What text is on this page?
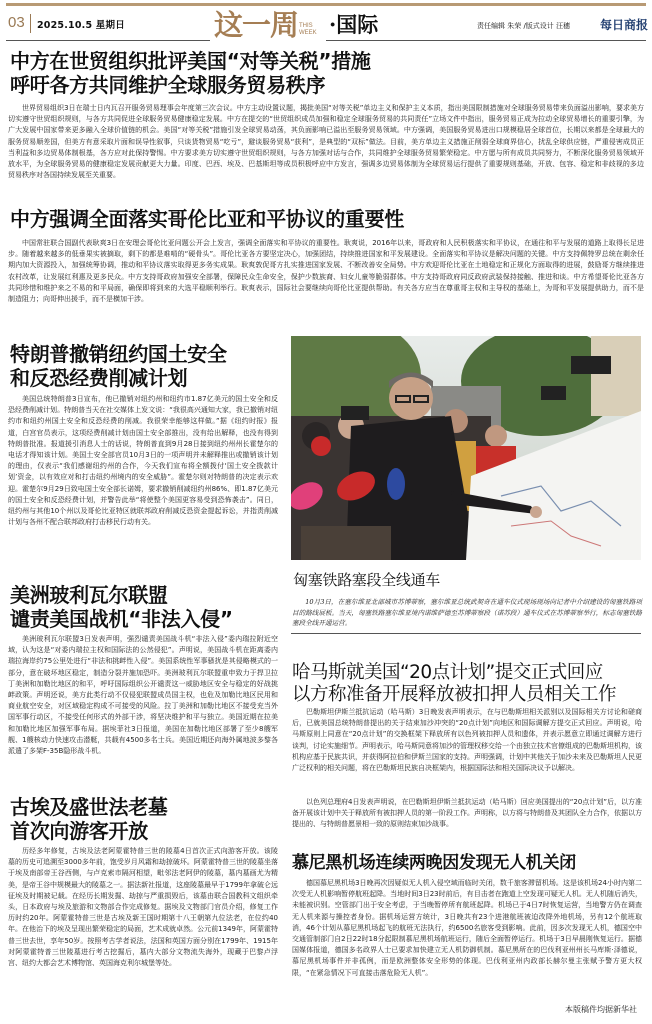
03 2025.10.5 星期日	这一周 THIS
WEEK ·国际	责任编辑 朱荣 /版式设计 汪穗 每日商报
中方在世贸组织批评美国“对等关税”措施
呼吁各方共同维护全球服务贸易秩序
世界贸易组织3日在瑞士日内瓦召开服务贸易理事会年度第三次会议。中方主动设置议题，揭批美国“对等关税”单边主义和保护主义本质，指出美国限制措施对全球服务贸易带来负面溢出影响，要求美方切实遵守世贸组织规则，与各方共同促进全球服务贸易健康稳定发展。中方在提交的“世贸组织成员加强和稳定全球服务贸易的共同责任”立场文件中指出，服务贸易正成为拉动全球贸易增长的重要引擎，为广大发展中国家带来更多融入全球价值链的机会。美国“对等关税”措施引发全球贸易动荡，其负面影响已溢出至服务贸易领域。中方强调，美国服务贸易进出口规模稳居全球首位，长期以来都是全球最大的服务贸易顺差国，但美方有意采取片面和误导性叙事，只谈货物贸易“吃亏”，避谈服务贸易“获利”，是典型的“双标”做法。目前，美方单边主义措施正削弱全球商界信心，扰乱全球供应链，严重侵害成员正当利益和多边贸易体制根基，各方应对此保持警惕。中方要求美方切实遵守世贸组织规则，与各方加强对话与合作，共同维护全球服务贸易繁荣稳定。中方愿与所有成员共同努力，不断深化服务贸易领域开放水平，为全球服务贸易的健康稳定发展贡献更大力量。印度、巴西、埃及、巴基斯坦等成员积极呼应中方发言，强调多边贸易体制为全球贸易运行提供了重要规则基础，开放、包容、稳定和非歧视的多边贸易秩序对各国持续发展至关重要。
中方强调全面落实哥伦比亚和平协议的重要性
中国常驻联合国副代表耿爽3日在安理会哥伦比亚问题公开会上发言，强调全面落实和平协议的重要性。耿爽说，2016年以来，哥政府和人民积极落实和平协议，在通往和平与发展的道路上取得长足进步。随着越来越多的低垂果实被摘取，剩下的都是难啃的“硬骨头”。哥伦比亚各方要坚定决心，加强团结，持续推进国家和平发展建设。全面落实和平协议是解决问题的关键。中方支持佩特罗总统在剩余任期内加大资源投入，加强统筹协调，推动和平协议落实取得更多务实成果。耿爽敦促哥方扎实推进国家发展、不断改善安全局势。中方欢迎哥伦比亚在土地稳定和正规化方面取得的进展，鼓励哥方继续推进农村改革，让发展红利惠及更多民众。中方支持哥政府加强安全部署，保障民众生命安全，保护少数族裔、妇女儿童等脆弱群体。中方支持哥政府同反政府武装保持接触、推进和谈。中方希望哥伦比亚各方共同珍惜和维护来之不易的和平局面，确保即将到来的大选平稳顺利举行。耿爽表示，国际社会要继续向哥伦比亚提供帮助。有关各方应当在尊重哥主权和主导权的基础上，为哥和平发展提供助力，而不是制造阻力；向哥伸出援手，而不是横加干涉。
特朗普撤销纽约国土安全
和反恐经费削减计划
美国总统特朗普3日宣布，他已撤销对纽约州和纽约市1.87亿美元的国土安全和反恐经费削减计划。特朗普当天在社交媒体上发文说：“我很高兴通知大家，我已撤销对纽约市和纽约州国土安全和反恐经费的削减。我很荣幸能够这样做。”据《纽约时报》报道，白宫官员表示，这项经费削减计划由国土安全部推出，没有给出解释，也没有得到特朗普批准。报道援引消息人士的话说，特朗普直到9月28日接到纽约州州长霍楚尔的电话才得知该计划。美国土安全部官员10月3日的一项声明并未解释推出或撤销该计划的理由，仅表示“我们感谢纽约州的合作，今天我们宣布将全额拨付‘国土安全拨款计划’资金，以有效应对和打击纽约州境内的安全威胁”。霍楚尔则对特朗普的决定表示欢迎。霍楚尔9月29日致电国土安全部长诺姆，要求撤销削减纽约州86%、即1.87亿美元的国土安全和反恐经费计划，并警告此举“将使整个美国更容易受到恐怖袭击”。同日，纽约州与其他10个州以及哥伦比亚特区就联邦政府削减反恐资金提起诉讼，并指责削减计划与各州不配合联邦政府打击移民行动有关。
美洲玻利瓦尔联盟
谴责美国战机“非法入侵”
美洲玻利瓦尔联盟3日发表声明，强烈谴责美国战斗机“非法入侵”委内瑞拉附近空域，认为这是“对委内瑞拉主权和国际法的公然侵犯”。声明说，美国战斗机在距离委内瑞拉海岸约75公里处进行“非法和挑衅性入侵”。美国系统性军事骚扰是其侵略模式的一部分，意在破坏地区稳定，制造分裂并施加恐吓。美洲玻利瓦尔联盟重申致力于捍卫拉丁美洲和加勒比地区的和平，呼吁国际组织公开谴责这一威胁地区安全与稳定的好战挑衅政策。声明还说，美方此类行动不仅侵犯联盟成员国主权，也危及加勒比地区民用和商业航空安全，对区域稳定构成不可接受的风险。拉丁美洲和加勒比地区不接受充当外国军事行动区，不接受任何形式的外部干涉，将坚决维护和平与独立。美国近期在拉美和加勒比地区加强军事布局。据埃菲社3日报道，美国在加勒比地区部署了至少8艘军舰、1艘核动力快速攻击潜艇，共载有4500多名士兵。美国近期还向海外属地波多黎各派遣了多架F-35B隐形战斗机。
古埃及盛世法老墓
首次向游客开放
历经多年修复，古埃及法老阿蒙霍特普三世的陵墓4日首次正式向游客开放。该陵墓的历史可追溯至3000多年前，饱受岁月风霜和劫掠破坏。阿蒙霍特普三世的陵墓坐落于埃及南部帝王谷西侧，与卢克索市隔河相望，毗邻法老阿伊的陵墓，墓内墓画尤为精美，是帝王谷中规模最大的陵墓之一。据法新社报道，这座陵墓最早于1799年拿破仑远征埃及时期被记载。在经历长期发掘、劫掠与严重损毁后，该墓由联合国教科文组织牵头，日本政府与埃及旅游和文物部合作完成修复。据埃及文物部门官员介绍，修复工作历时约20年。阿蒙霍特普三世是古埃及新王国时期第十八王朝第九位法老，在位约40年。在他治下的埃及呈现出繁荣稳定的局面，艺术成就卓然。公元前1349年，阿蒙霍特普三世去世，享年50岁。按照考古学者说法，法国和英国方面分别在1799年、1915年对阿蒙霍特普三世陵墓进行考古挖掘后，墓内大部分文物流失海外，现藏于巴黎卢浮宫、纽约大都会艺术博物馆、英国海克利尔城堡等处。
匈塞铁路塞段全线通车
10月3日，在塞尔维亚北部城市苏博蒂察，塞尔维亚总统武契奇在通车仪式现场现场向记者中介绍建设的匈塞铁路项目的路线展板。当天，匈塞铁路塞尔维亚境内诺维萨德至苏博蒂察段（诺苏段）通车仪式在苏博蒂察举行，标志匈塞铁路塞段全线开通运营。
哈马斯就美国“20点计划”提交正式回应
以方称准备开展释放被扣押人员相关工作
巴勒斯坦伊斯兰抵抗运动（哈马斯）3日晚发表声明表示，在与巴勒斯坦相关派别以及国际相关方讨论和磋商后，已就美国总统特朗普提出的关于结束加沙冲突的“20点计划”向地区和国际调解方提交正式回应。声明说，哈马斯原则上同意在“20点计划”的交换框架下释放所有以色列被扣押人员和遗体，并表示愿意立即通过调解方进行谈判，讨论实施细节。声明表示，哈马斯同意将加沙的管理权移交给一个由独立技术官僚组成的巴勒斯坦机构，该机构应基于民族共识，并获得阿拉伯和伊斯兰国家的支持。声明强调，计划中其他关于加沙未来及巴勒斯坦人民更广泛权利的相关问题，将在巴勒斯坦民族自决框架内，根据国际法和相关国际决议予以解决。
以色列总理府4日发表声明说，在巴勒斯坦伊斯兰抵抗运动（哈马斯）回应美国提出的“20点计划”后，以方准备开展该计划中关于释放所有被扣押人员的第一阶段工作。声明称，以方将与特朗普及其团队全力合作，依据以方提出的、与特朗普愿景相一致的原则结束加沙战事。
慕尼黑机场连续两晚因发现无人机关闭
德国慕尼黑机场3日晚再次因疑似无人机入侵空域而临时关闭，数千旅客滞留机场。这是该机场24小时内第二次受无人机影响暂停航班起降。当地时间3日23时前后，有目击者在跑道上空发现可疑无人机。无人机随后消失，未能被识别。空管部门出于安全考虑，于当晚暂停所有航班起降。机场已于4日7时恢复运营，当地警方仍在调查无人机来源与操控者身份。据机场运营方统计，3日晚共有23个进港航班被迫改降外地机场，另有12个航班取消，46个计划从慕尼黑机场起飞的航班无法执行，约6500名旅客受到影响。此前，因多次发现无人机，德国空中交通管制部门自2日22时18分起限制慕尼黑机场航班运行，随后全面暂停运行。机场于3日早晨刚恢复运行。据德国媒体报道，德国多名政界人士已要求加快建立无人机防御机制。慕尼黑所在的巴伐利亚州州长马库斯·泽德说，慕尼黑机场事件并非孤例，而是欧洲整体安全形势的体现。巴伐利亚州内政部长赫尔曼主张赋予警方更大权限，“在紧急情况下可直接击落危险无人机”。
本版稿件均据新华社
